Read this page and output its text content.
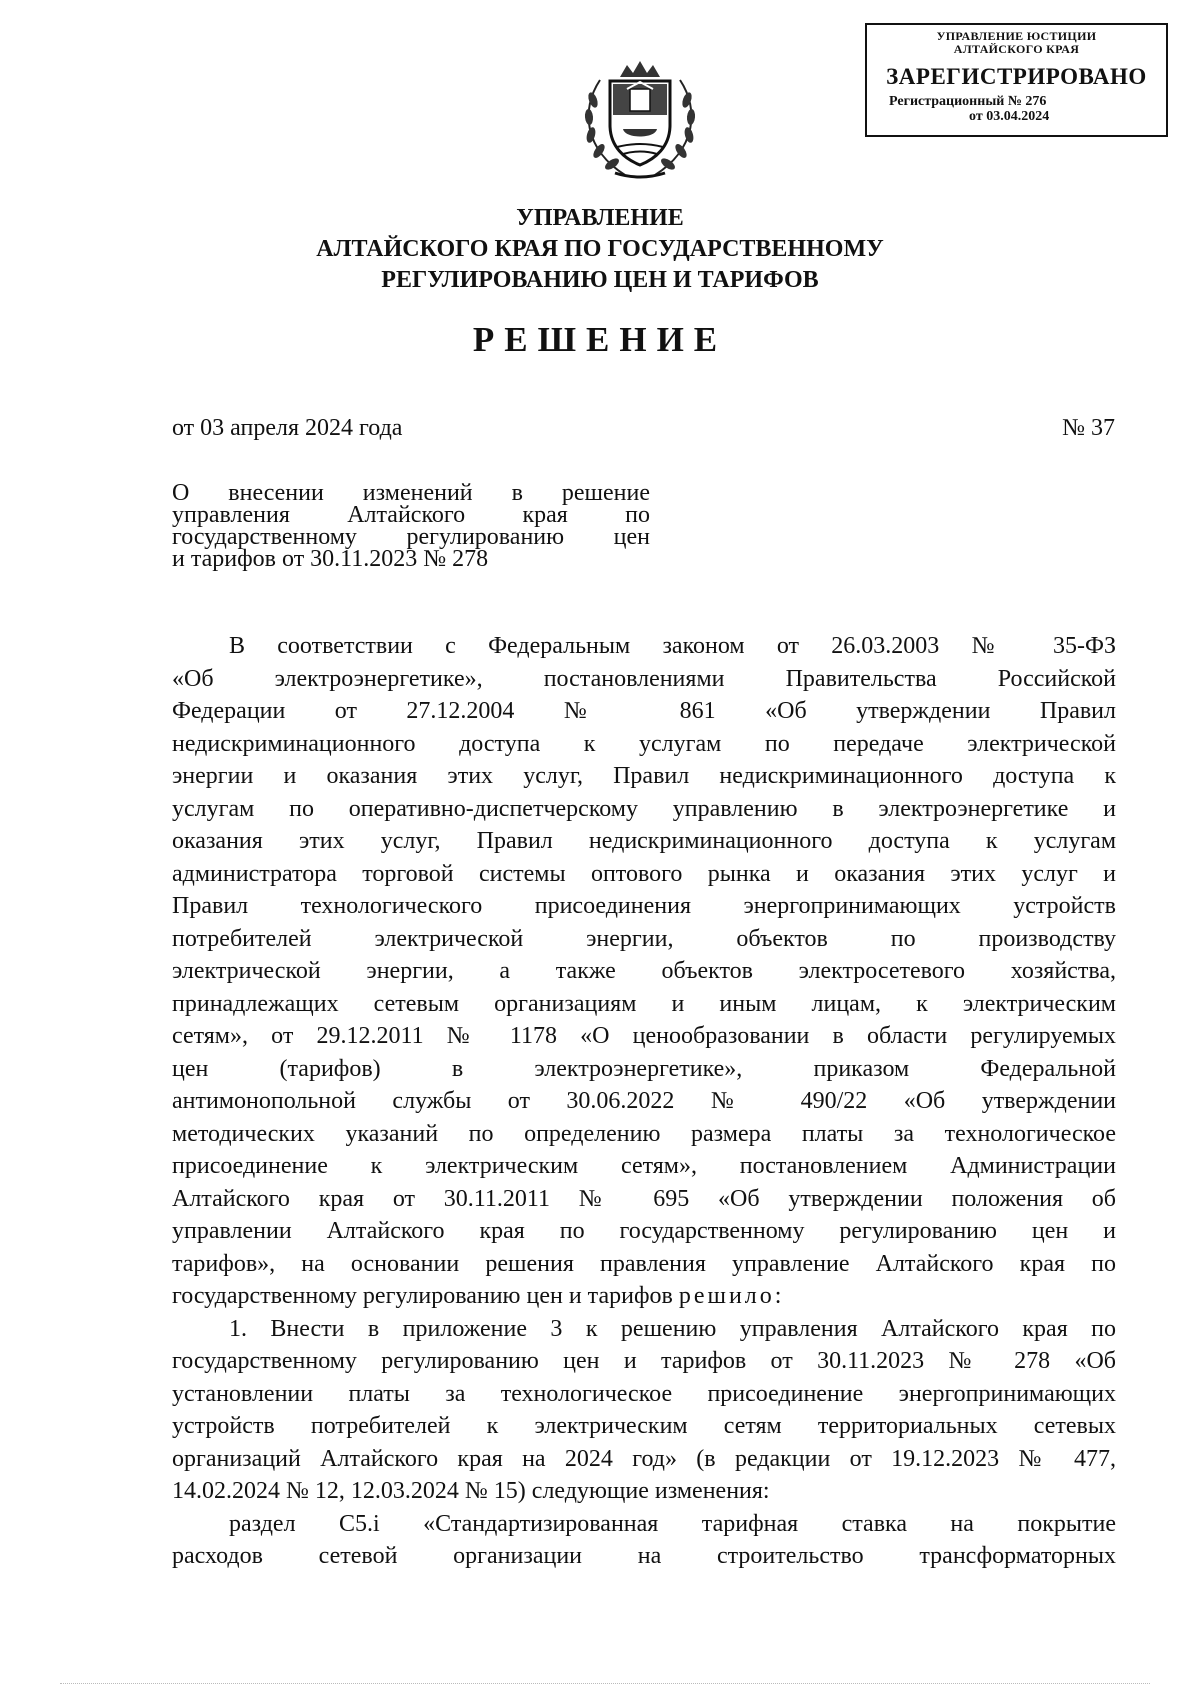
УПРАВЛЕНИЕ ЮСТИЦИИ
АЛТАЙСКОГО КРАЯ
ЗАРЕГИСТРИРОВАНО
Регистрационный № 276
от 03.04.2024
УПРАВЛЕНИЕ
АЛТАЙСКОГО КРАЯ ПО ГОСУДАРСТВЕННОМУ
РЕГУЛИРОВАНИЮ ЦЕН И ТАРИФОВ
РЕШЕНИЕ
от 03 апреля 2024 года	№ 37
О внесении изменений в решение
управления Алтайского края по
государственному регулированию цен
и тарифов от 30.11.2023 № 278
В соответствии с Федеральным законом от 26.03.2003 № 35-ФЗ
«Об электроэнергетике», постановлениями Правительства Российской
Федерации от 27.12.2004 № 861 «Об утверждении Правил
недискриминационного доступа к услугам по передаче электрической
энергии и оказания этих услуг, Правил недискриминационного доступа к
услугам по оперативно-диспетчерскому управлению в электроэнергетике и
оказания этих услуг, Правил недискриминационного доступа к услугам
администратора торговой системы оптового рынка и оказания этих услуг и
Правил технологического присоединения энергопринимающих устройств
потребителей электрической энергии, объектов по производству
электрической энергии, а также объектов электросетевого хозяйства,
принадлежащих сетевым организациям и иным лицам, к электрическим
сетям», от 29.12.2011 № 1178 «О ценообразовании в области регулируемых
цен (тарифов) в электроэнергетике», приказом Федеральной
антимонопольной службы от 30.06.2022 № 490/22 «Об утверждении
методических указаний по определению размера платы за технологическое
присоединение к электрическим сетям», постановлением Администрации
Алтайского края от 30.11.2011 № 695 «Об утверждении положения об
управлении Алтайского края по государственному регулированию цен и
тарифов», на основании решения правления управление Алтайского края по
государственному регулированию цен и тарифов решило:
1. Внести в приложение 3 к решению управления Алтайского края по
государственному регулированию цен и тарифов от 30.11.2023 № 278 «Об
установлении платы за технологическое присоединение энергопринимающих
устройств потребителей к электрическим сетям территориальных сетевых
организаций Алтайского края на 2024 год» (в редакции от 19.12.2023 № 477,
14.02.2024 № 12, 12.03.2024 № 15) следующие изменения:
раздел C5.i «Стандартизированная тарифная ставка на покрытие
расходов сетевой организации на строительство трансформаторных
